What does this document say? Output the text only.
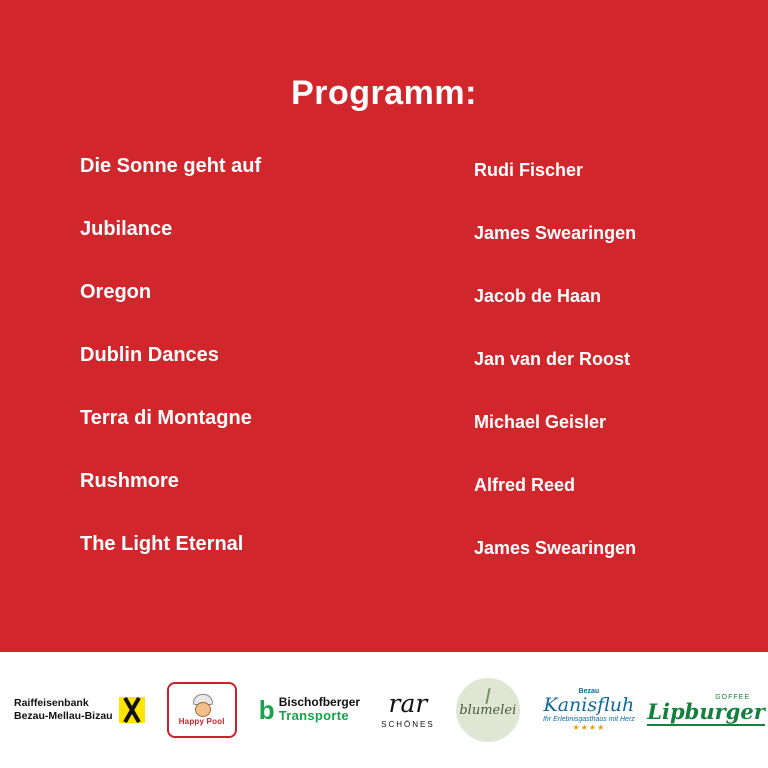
Programm:
Die Sonne geht auf	Rudi Fischer
Jubilance	James Swearingen
Oregon	Jacob de Haan
Dublin Dances	Jan van der Roost
Terra di Montagne	Michael Geisler
Rushmore	Alfred Reed
The Light Eternal	James Swearingen
Raiffeisenbank
Bezau-Mellau-Bizau	Happy Pool b Bischofberger
Transporte	rar
SCHÖNES
blumelei
Bezau
Kanisfluh
Ihr Erlebnisgasthaus mit Herz
★★★★
GOFFEE
Lipburger
